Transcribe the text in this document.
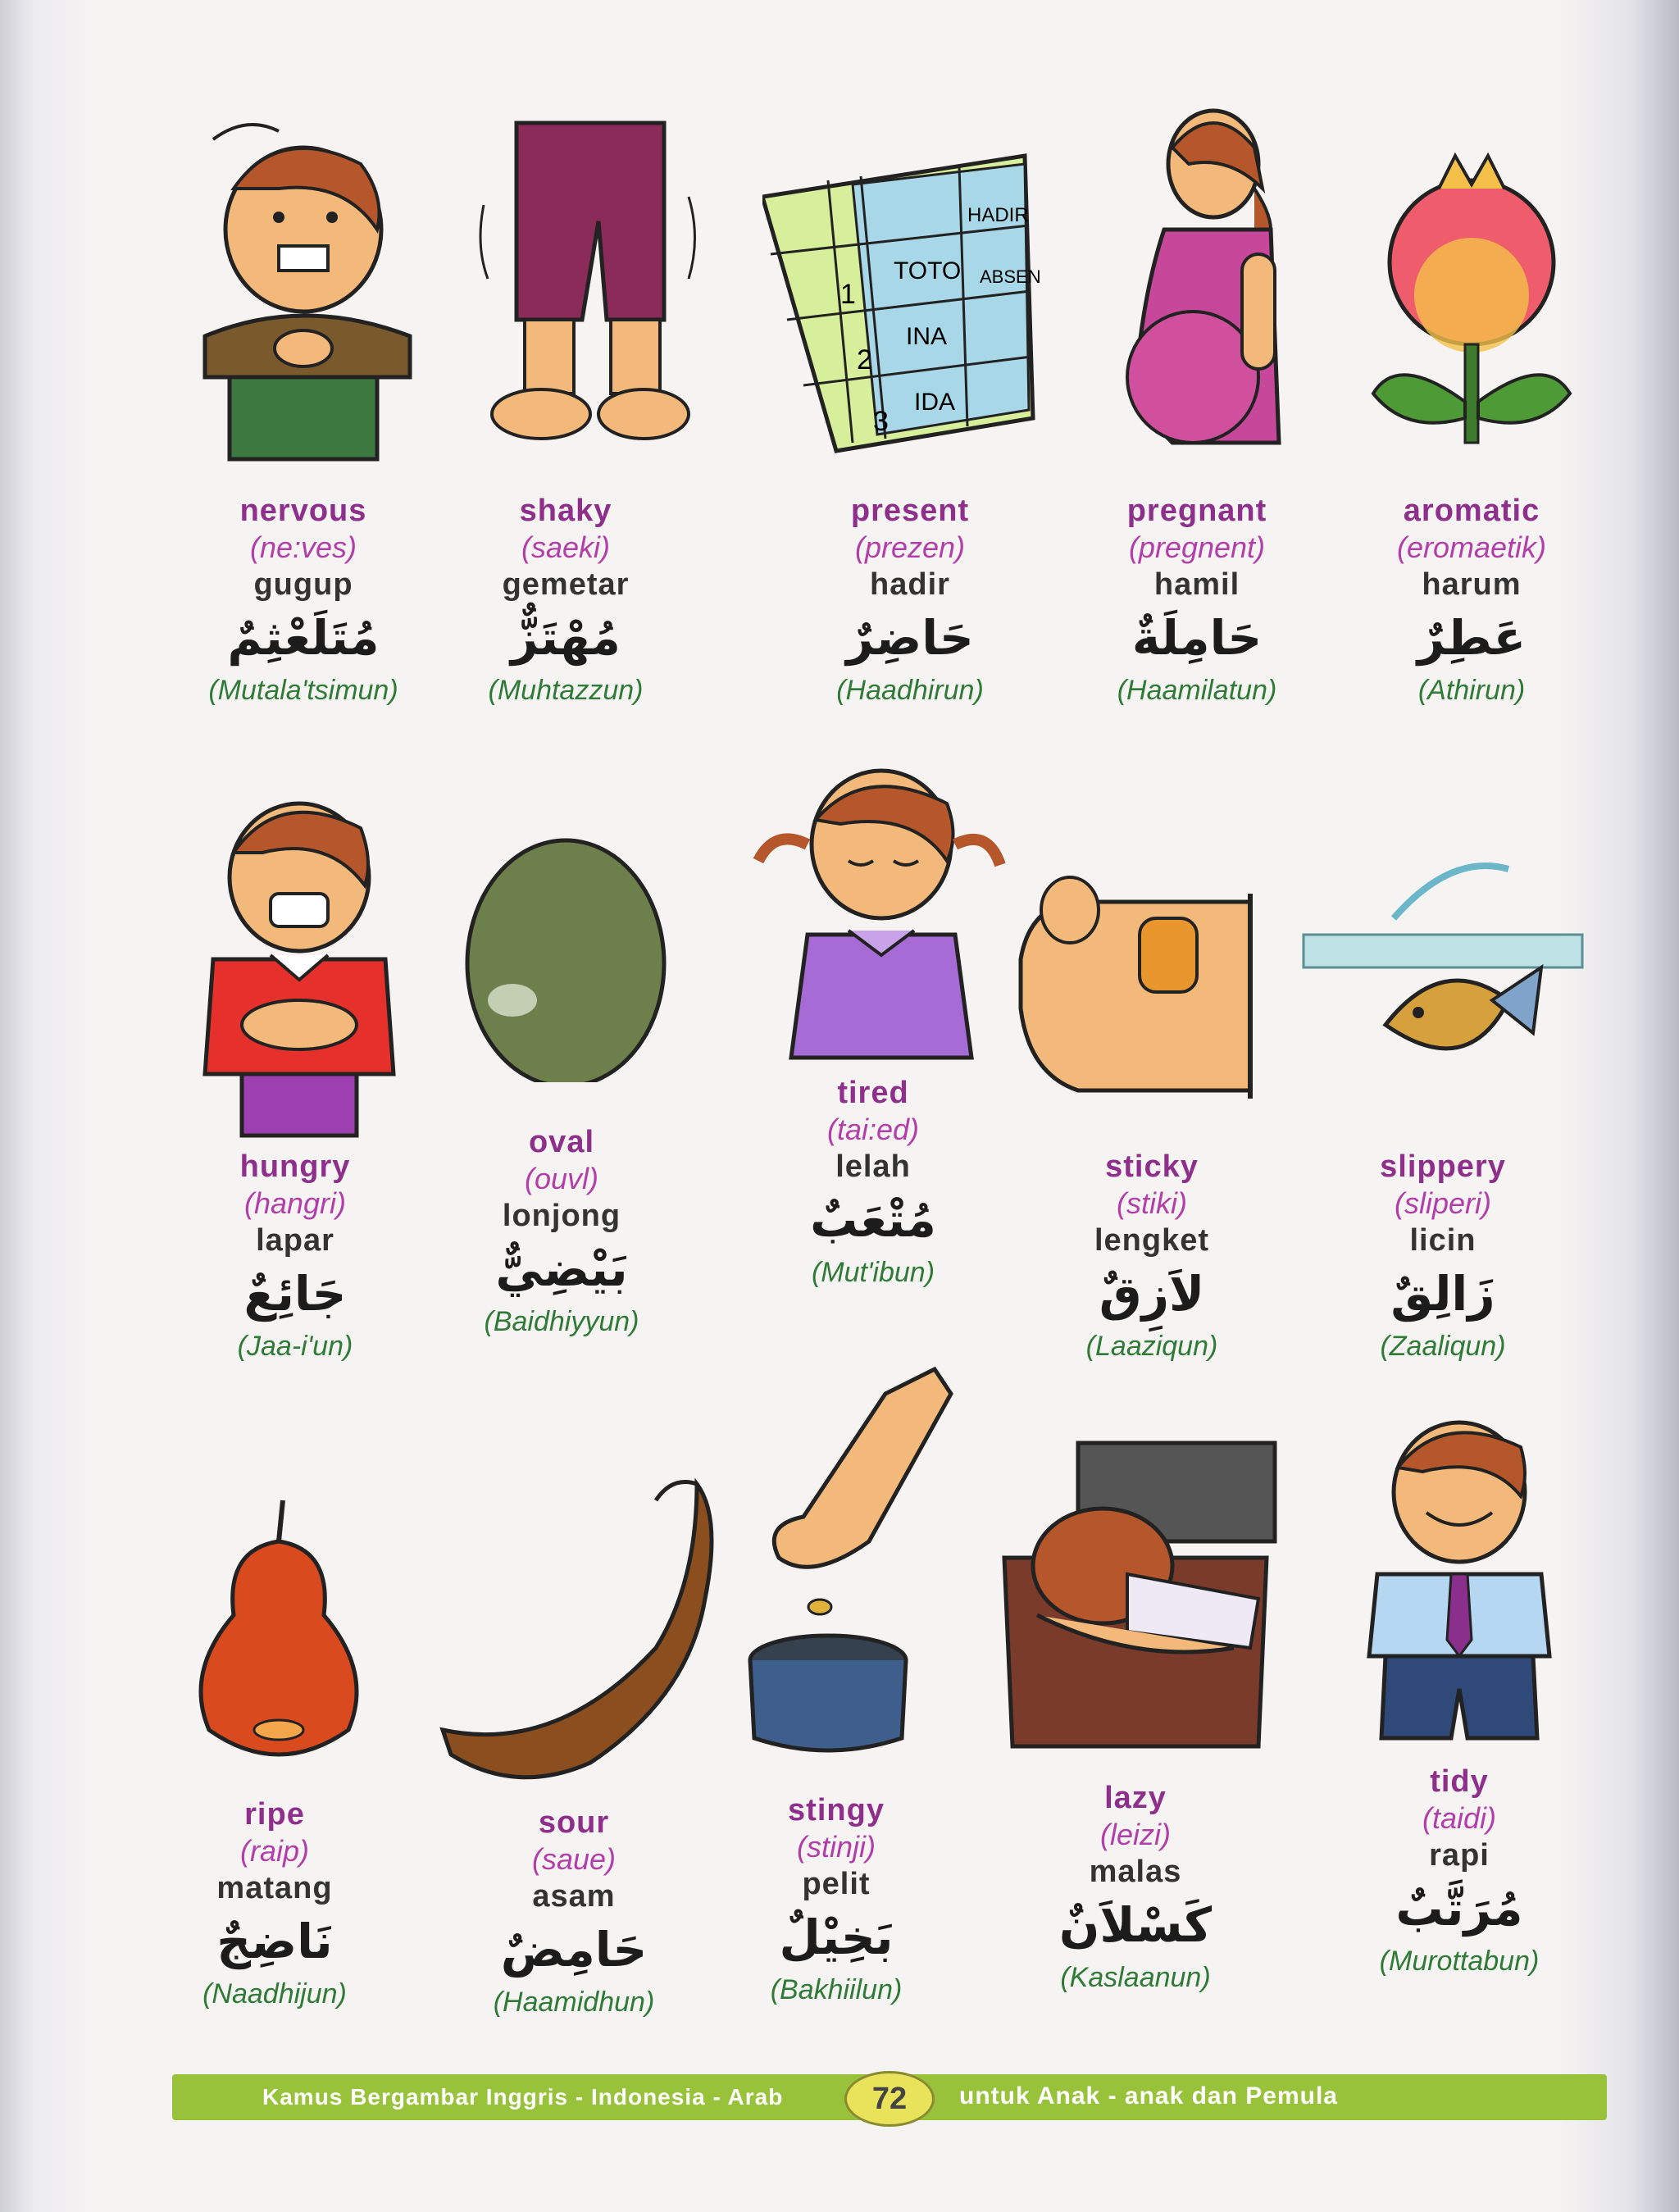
nervous
(ne:ves)
gugup
مُتَلَعْثِمٌ
(Mutala'tsimun)
shaky
(saeki)
gemetar
مُهْتَزٌّ
(Muhtazzun)
1
2
3
TOTO
INA
IDA
HADIR
ABSEN
present
(prezen)
hadir
حَاضِرٌ
(Haadhirun)
pregnant
(pregnent)
hamil
حَامِلَةٌ
(Haamilatun)
aromatic
(eromaetik)
harum
عَطِرٌ
(Athirun)
hungry
(hangri)
lapar
جَائِعٌ
(Jaa-i'un)
oval
(ouvl)
lonjong
بَيْضِيٌّ
(Baidhiyyun)
tired
(tai:ed)
lelah
مُتْعَبٌ
(Mut'ibun)
sticky
(stiki)
lengket
لاَزِقٌ
(Laaziqun)
slippery
(sliperi)
licin
زَالِقٌ
(Zaaliqun)
ripe
(raip)
matang
نَاضِجٌ
(Naadhijun)
sour
(saue)
asam
حَامِضٌ
(Haamidhun)
stingy
(stinji)
pelit
بَخِيْلٌ
(Bakhiilun)
lazy
(leizi)
malas
كَسْلاَنٌ
(Kaslaanun)
tidy
(taidi)
rapi
مُرَتَّبٌ
(Murottabun)
Kamus Bergambar Inggris - Indonesia - Arab	72	untuk Anak - anak dan Pemula
